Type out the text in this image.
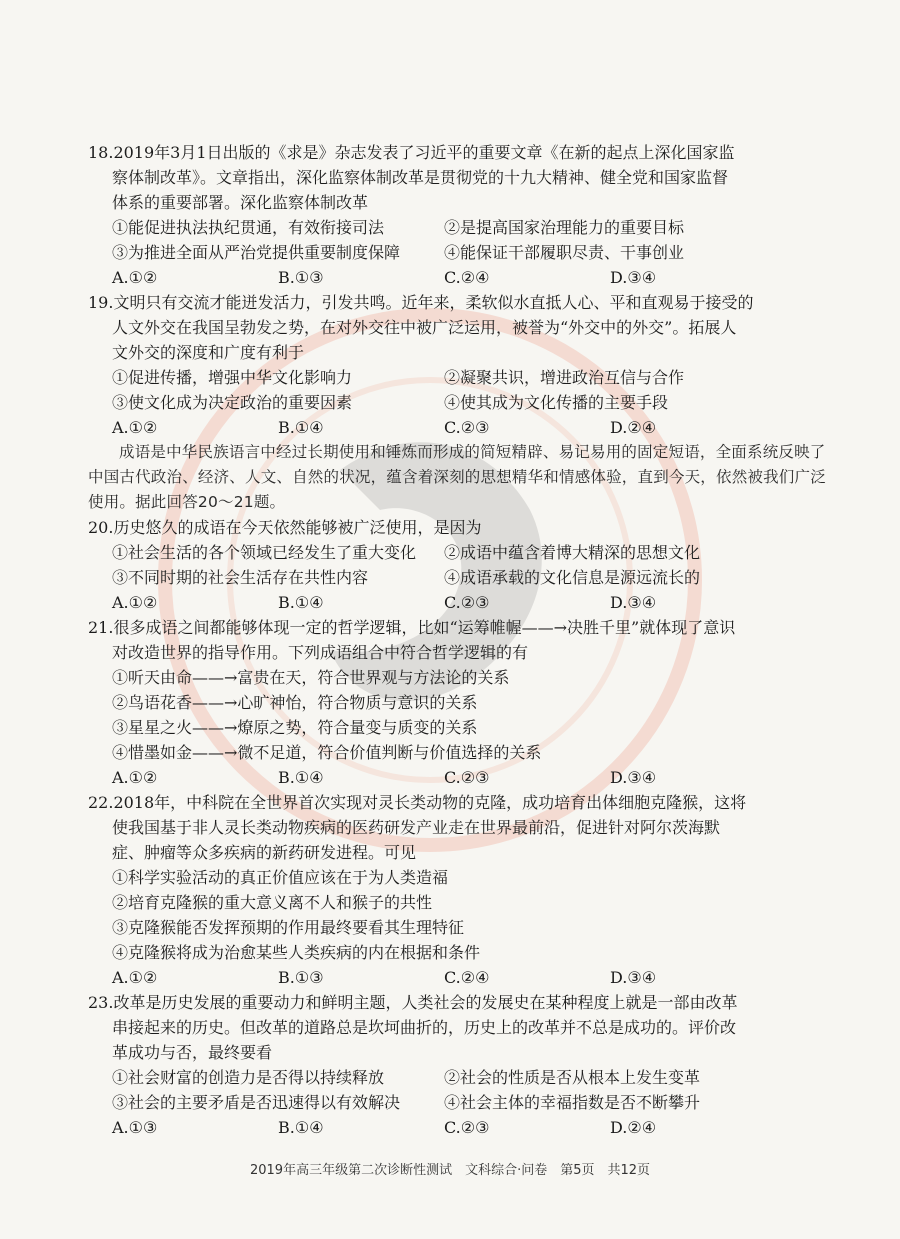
18.2019年3月1日出版的《求是》杂志发表了习近平的重要文章《在新的起点上深化国家监
察体制改革》。文章指出，深化监察体制改革是贯彻党的十九大精神、健全党和国家监督
体系的重要部署。深化监察体制改革
①能促进执法执纪贯通，有效衔接司法	②是提高国家治理能力的重要目标
③为推进全面从严治党提供重要制度保障	④能保证干部履职尽责、干事创业
A.①②	B.①③	C.②④	D.③④
19.文明只有交流才能迸发活力，引发共鸣。近年来，柔软似水直抵人心、平和直观易于接受的
人文外交在我国呈勃发之势，在对外交往中被广泛运用，被誉为“外交中的外交”。拓展人
文外交的深度和广度有利于
①促进传播，增强中华文化影响力	②凝聚共识，增进政治互信与合作
③使文化成为决定政治的重要因素	④使其成为文化传播的主要手段
A.①②	B.①④	C.②③	D.②④
成语是中华民族语言中经过长期使用和锤炼而形成的简短精辟、易记易用的固定短语，全面系统反映了中国古代政治、经济、人文、自然的状况，蕴含着深刻的思想精华和情感体验，直到今天，依然被我们广泛使用。据此回答20～21题。
20.历史悠久的成语在今天依然能够被广泛使用，是因为
①社会生活的各个领域已经发生了重大变化	②成语中蕴含着博大精深的思想文化
③不同时期的社会生活存在共性内容	④成语承载的文化信息是源远流长的
A.①②	B.①④	C.②③	D.③④
21.很多成语之间都能够体现一定的哲学逻辑，比如“运筹帷幄——→决胜千里”就体现了意识
对改造世界的指导作用。下列成语组合中符合哲学逻辑的有
①听天由命——→富贵在天，符合世界观与方法论的关系
②鸟语花香——→心旷神怡，符合物质与意识的关系
③星星之火——→燎原之势，符合量变与质变的关系
④惜墨如金——→微不足道，符合价值判断与价值选择的关系
A.①②	B.①④	C.②③	D.③④
22.2018年，中科院在全世界首次实现对灵长类动物的克隆，成功培育出体细胞克隆猴，这将
使我国基于非人灵长类动物疾病的医药研发产业走在世界最前沿，促进针对阿尔茨海默
症、肿瘤等众多疾病的新药研发进程。可见
①科学实验活动的真正价值应该在于为人类造福
②培育克隆猴的重大意义离不人和猴子的共性
③克隆猴能否发挥预期的作用最终要看其生理特征
④克隆猴将成为治愈某些人类疾病的内在根据和条件
A.①②	B.①③	C.②④	D.③④
23.改革是历史发展的重要动力和鲜明主题，人类社会的发展史在某种程度上就是一部由改革
串接起来的历史。但改革的道路总是坎坷曲折的，历史上的改革并不总是成功的。评价改
革成功与否，最终要看
①社会财富的创造力是否得以持续释放	②社会的性质是否从根本上发生变革
③社会的主要矛盾是否迅速得以有效解决	④社会主体的幸福指数是否不断攀升
A.①③	B.①④	C.②③	D.②④
2019年高三年级第二次诊断性测试　文科综合·问卷　第5页　共12页
